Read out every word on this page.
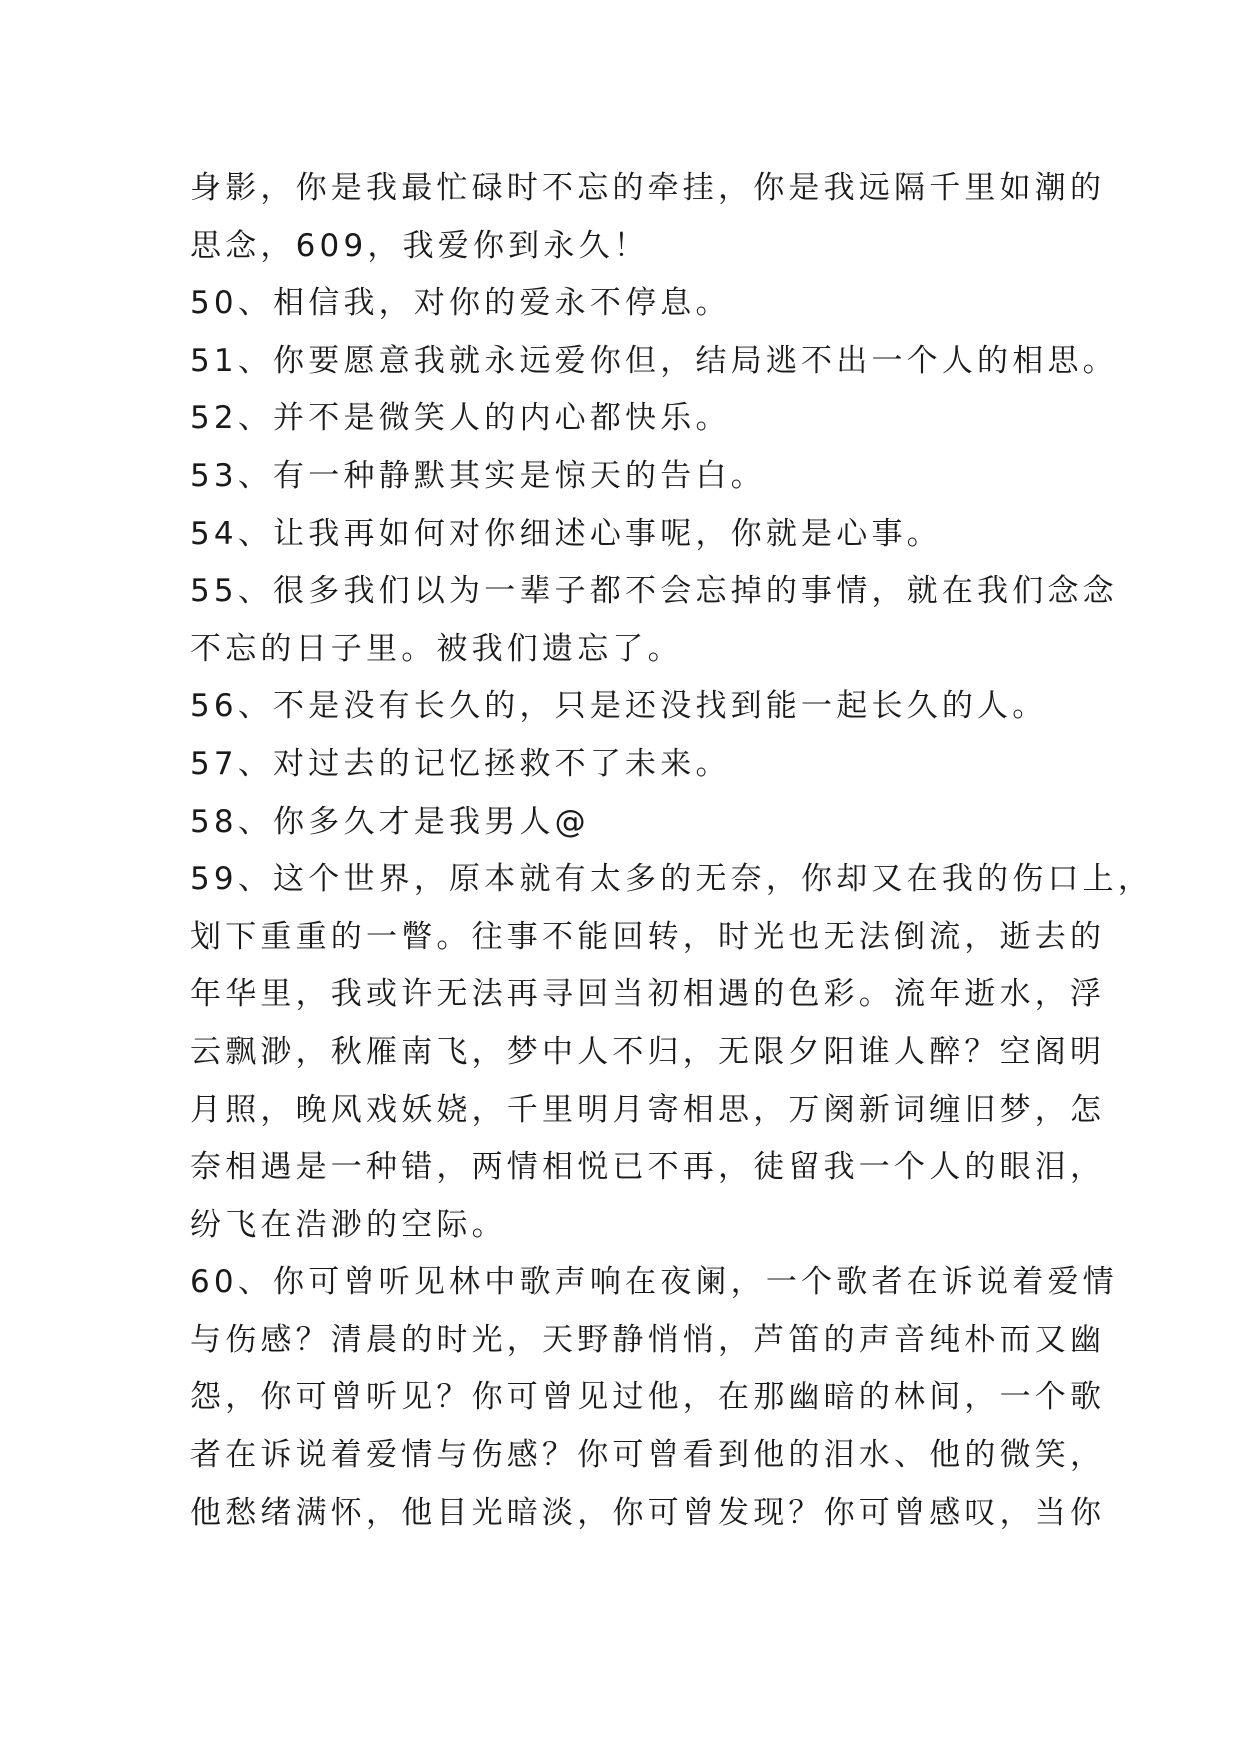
身影，你是我最忙碌时不忘的牵挂，你是我远隔千里如潮的
思念，609，我爱你到永久！
50、相信我，对你的爱永不停息。
51、你要愿意我就永远爱你但，结局逃不出一个人的相思。
52、并不是微笑人的内心都快乐。
53、有一种静默其实是惊天的告白。
54、让我再如何对你细述心事呢，你就是心事。
55、很多我们以为一辈子都不会忘掉的事情，就在我们念念
不忘的日子里。被我们遗忘了。
56、不是没有长久的，只是还没找到能一起长久的人。
57、对过去的记忆拯救不了未来。
58、你多久才是我男人@
59、这个世界，原本就有太多的无奈，你却又在我的伤口上，
划下重重的一瞥。往事不能回转，时光也无法倒流，逝去的
年华里，我或许无法再寻回当初相遇的色彩。流年逝水，浮
云飘渺，秋雁南飞，梦中人不归，无限夕阳谁人醉？空阁明
月照，晚风戏妖娆，千里明月寄相思，万阕新词缠旧梦，怎
奈相遇是一种错，两情相悦已不再，徒留我一个人的眼泪，
纷飞在浩渺的空际。
60、你可曾听见林中歌声响在夜阑，一个歌者在诉说着爱情
与伤感？清晨的时光，天野静悄悄，芦笛的声音纯朴而又幽
怨，你可曾听见？你可曾见过他，在那幽暗的林间，一个歌
者在诉说着爱情与伤感？你可曾看到他的泪水、他的微笑，
他愁绪满怀，他目光暗淡，你可曾发现？你可曾感叹，当你
